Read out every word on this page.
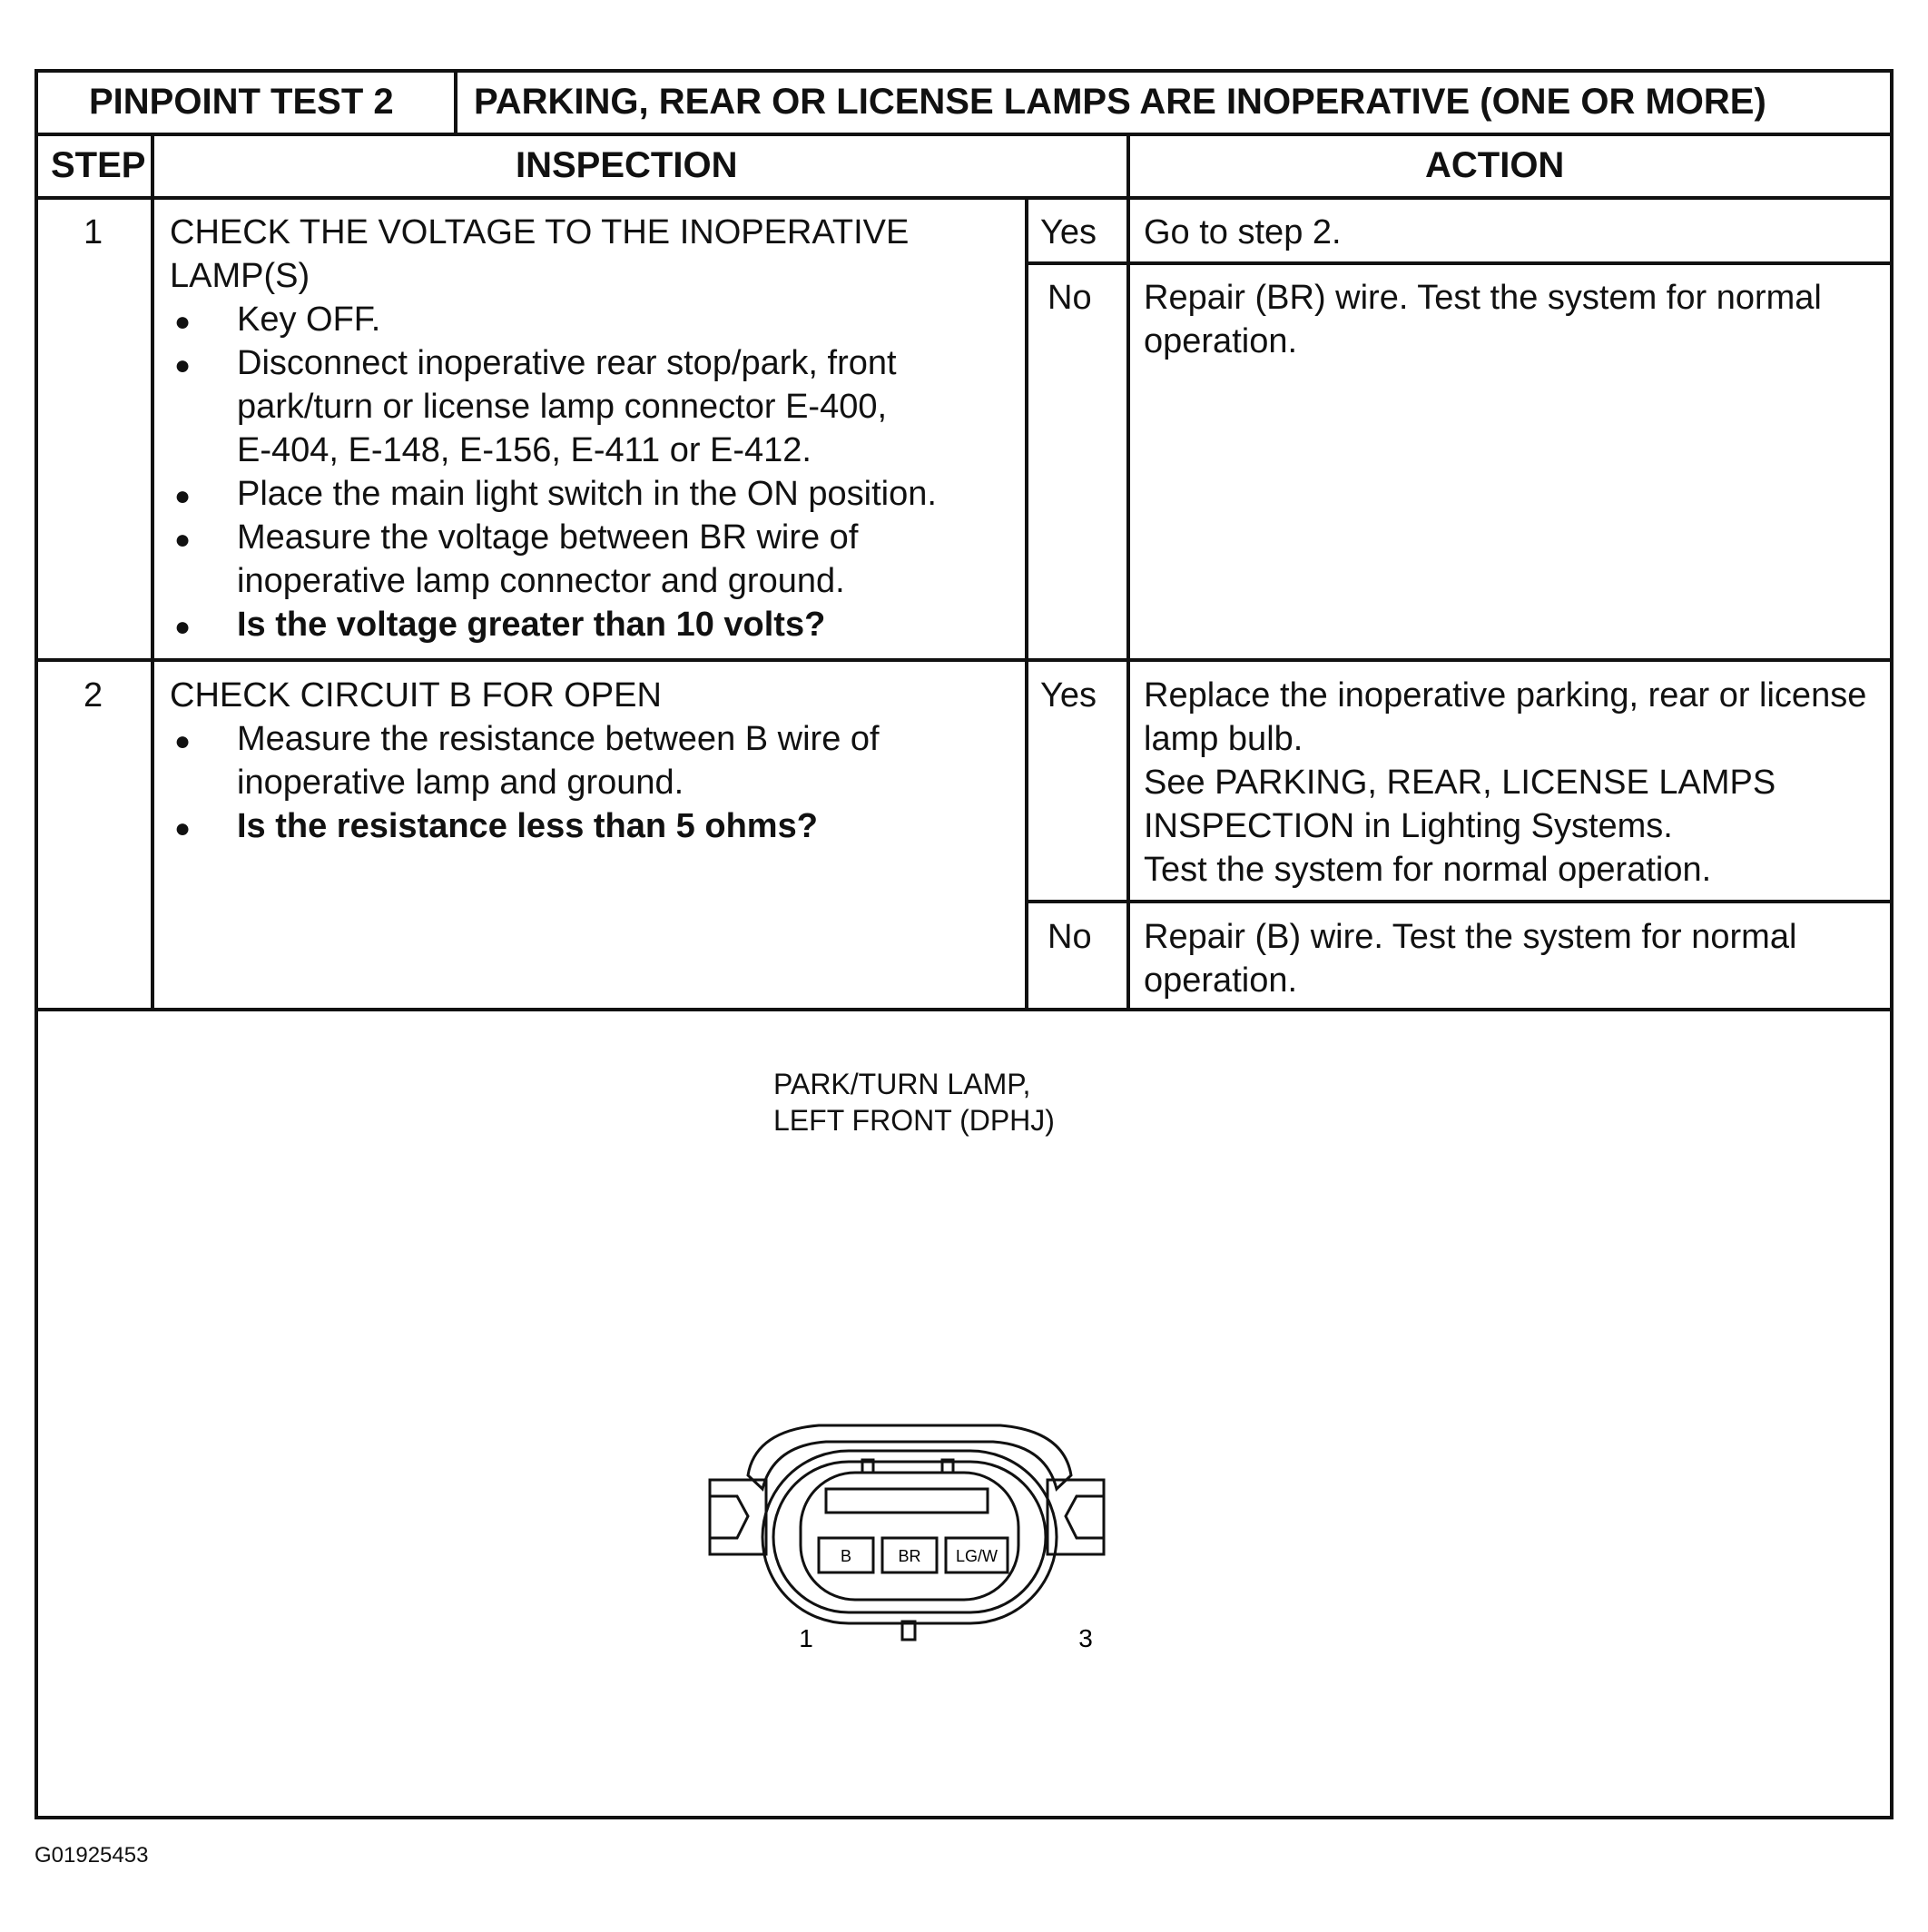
PINPOINT TEST 2 PARKING, REAR OR LICENSE LAMPS ARE INOPERATIVE (ONE OR MORE)
STEP	INSPECTION	ACTION
1 CHECK THE VOLTAGE TO THE INOPERATIVE
LAMP(S)
● Key OFF.
● Disconnect inoperative rear stop/park, front
park/turn or license lamp connector E-400,
E-404, E-148, E-156, E-411 or E-412.
● Place the main light switch in the ON position.
● Measure the voltage between BR wire of
inoperative lamp connector and ground.
● Is the voltage greater than 10 volts?
Yes Go to step 2.
No Repair (BR) wire. Test the system for normal
operation.
2 CHECK CIRCUIT B FOR OPEN
● Measure the resistance between B wire of
inoperative lamp and ground.
● Is the resistance less than 5 ohms?
Yes Replace the inoperative parking, rear or license
lamp bulb.
See PARKING, REAR, LICENSE LAMPS
INSPECTION in Lighting Systems.
Test the system for normal operation.
No Repair (B) wire. Test the system for normal
operation.
PARK/TURN LAMP,
LEFT FRONT (DPHJ)
B	BR LG/W
1	3
G01925453
